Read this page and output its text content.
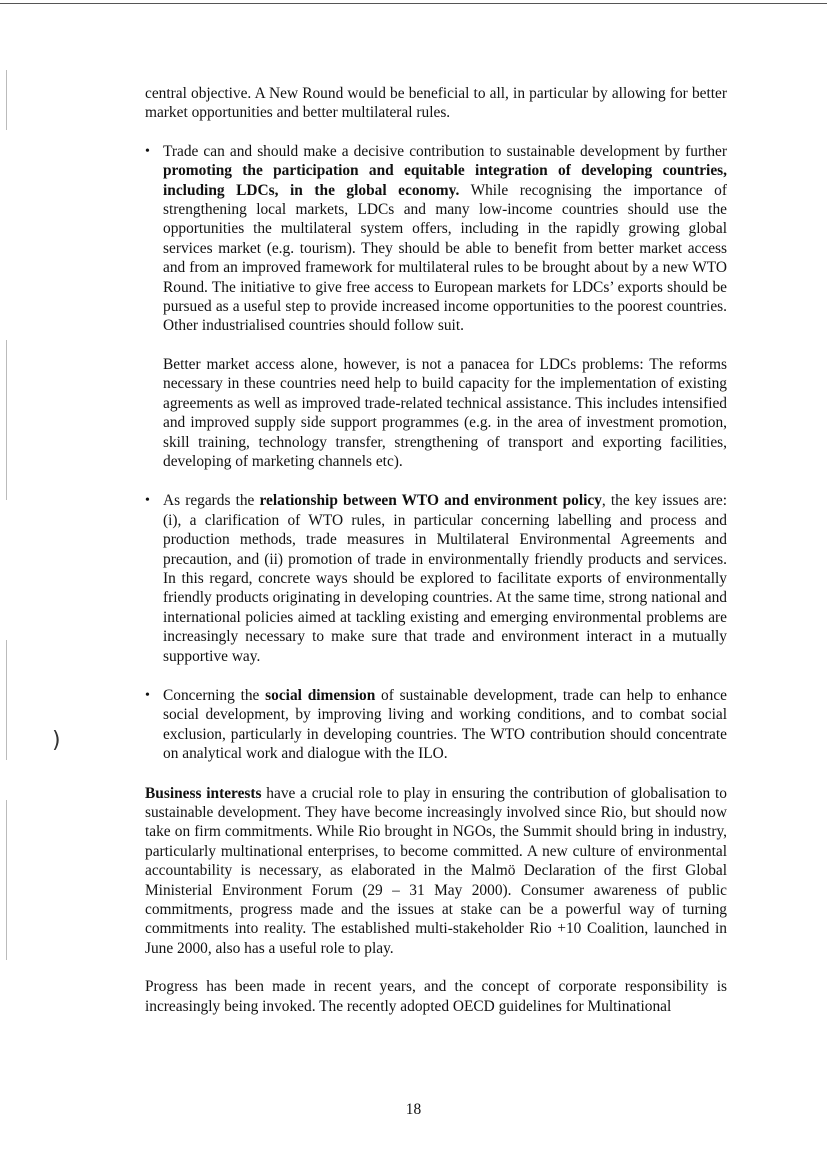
)

central objective. A New Round would be beneficial to all, in particular by allowing for better market opportunities and better multilateral rules.

• Trade can and should make a decisive contribution to sustainable development by further promoting the participation and equitable integration of developing countries, including LDCs, in the global economy. While recognising the importance of strengthening local markets, LDCs and many low-income countries should use the opportunities the multilateral system offers, including in the rapidly growing global services market (e.g. tourism). They should be able to benefit from better market access and from an improved framework for multilateral rules to be brought about by a new WTO Round. The initiative to give free access to European markets for LDCs’ exports should be pursued as a useful step to provide increased income opportunities to the poorest countries. Other industrialised countries should follow suit.

Better market access alone, however, is not a panacea for LDCs problems: The reforms necessary in these countries need help to build capacity for the implementation of existing agreements as well as improved trade-related technical assistance. This includes intensified and improved supply side support programmes (e.g. in the area of investment promotion, skill training, technology transfer, strengthening of transport and exporting facilities, developing of marketing channels etc).

• As regards the relationship between WTO and environment policy, the key issues are: (i), a clarification of WTO rules, in particular concerning labelling and process and production methods, trade measures in Multilateral Environmental Agreements and precaution, and (ii) promotion of trade in environmentally friendly products and services. In this regard, concrete ways should be explored to facilitate exports of environmentally friendly products originating in developing countries. At the same time, strong national and international policies aimed at tackling existing and emerging environmental problems are increasingly necessary to make sure that trade and environment interact in a mutually supportive way.

• Concerning the social dimension of sustainable development, trade can help to enhance social development, by improving living and working conditions, and to combat social exclusion, particularly in developing countries. The WTO contribution should concentrate on analytical work and dialogue with the ILO.

Business interests have a crucial role to play in ensuring the contribution of globalisation to sustainable development. They have become increasingly involved since Rio, but should now take on firm commitments. While Rio brought in NGOs, the Summit should bring in industry, particularly multinational enterprises, to become committed. A new culture of environmental accountability is necessary, as elaborated in the Malmö Declaration of the first Global Ministerial Environment Forum (29 – 31 May 2000). Consumer awareness of public commitments, progress made and the issues at stake can be a powerful way of turning commitments into reality. The established multi-stakeholder Rio +10 Coalition, launched in June 2000, also has a useful role to play.

Progress has been made in recent years, and the concept of corporate responsibility is increasingly being invoked. The recently adopted OECD guidelines for Multinational

18
